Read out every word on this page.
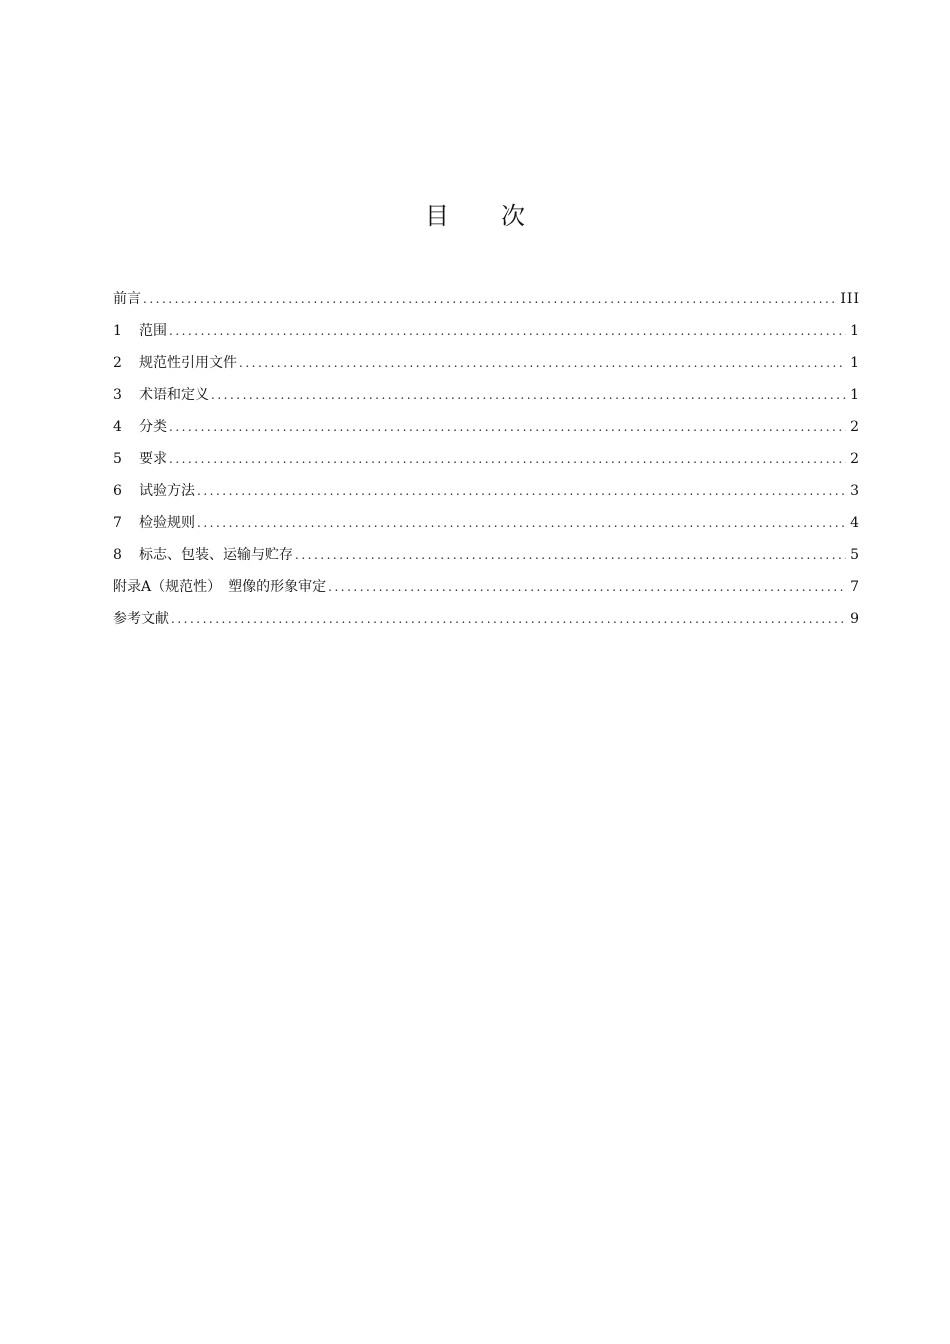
目 次
前言 .....	III
1	范围 .....	1
2	规范性引用文件 .....	1
3	术语和定义 .....	1
4	分类 .....	2
5	要求 .....	2
6	试验方法 .....	3
7	检验规则 .....	4
8	标志、包装、运输与贮存 .....	5
附录A（规范性） 塑像的形象审定 .....	7
参考文献 .....	9
